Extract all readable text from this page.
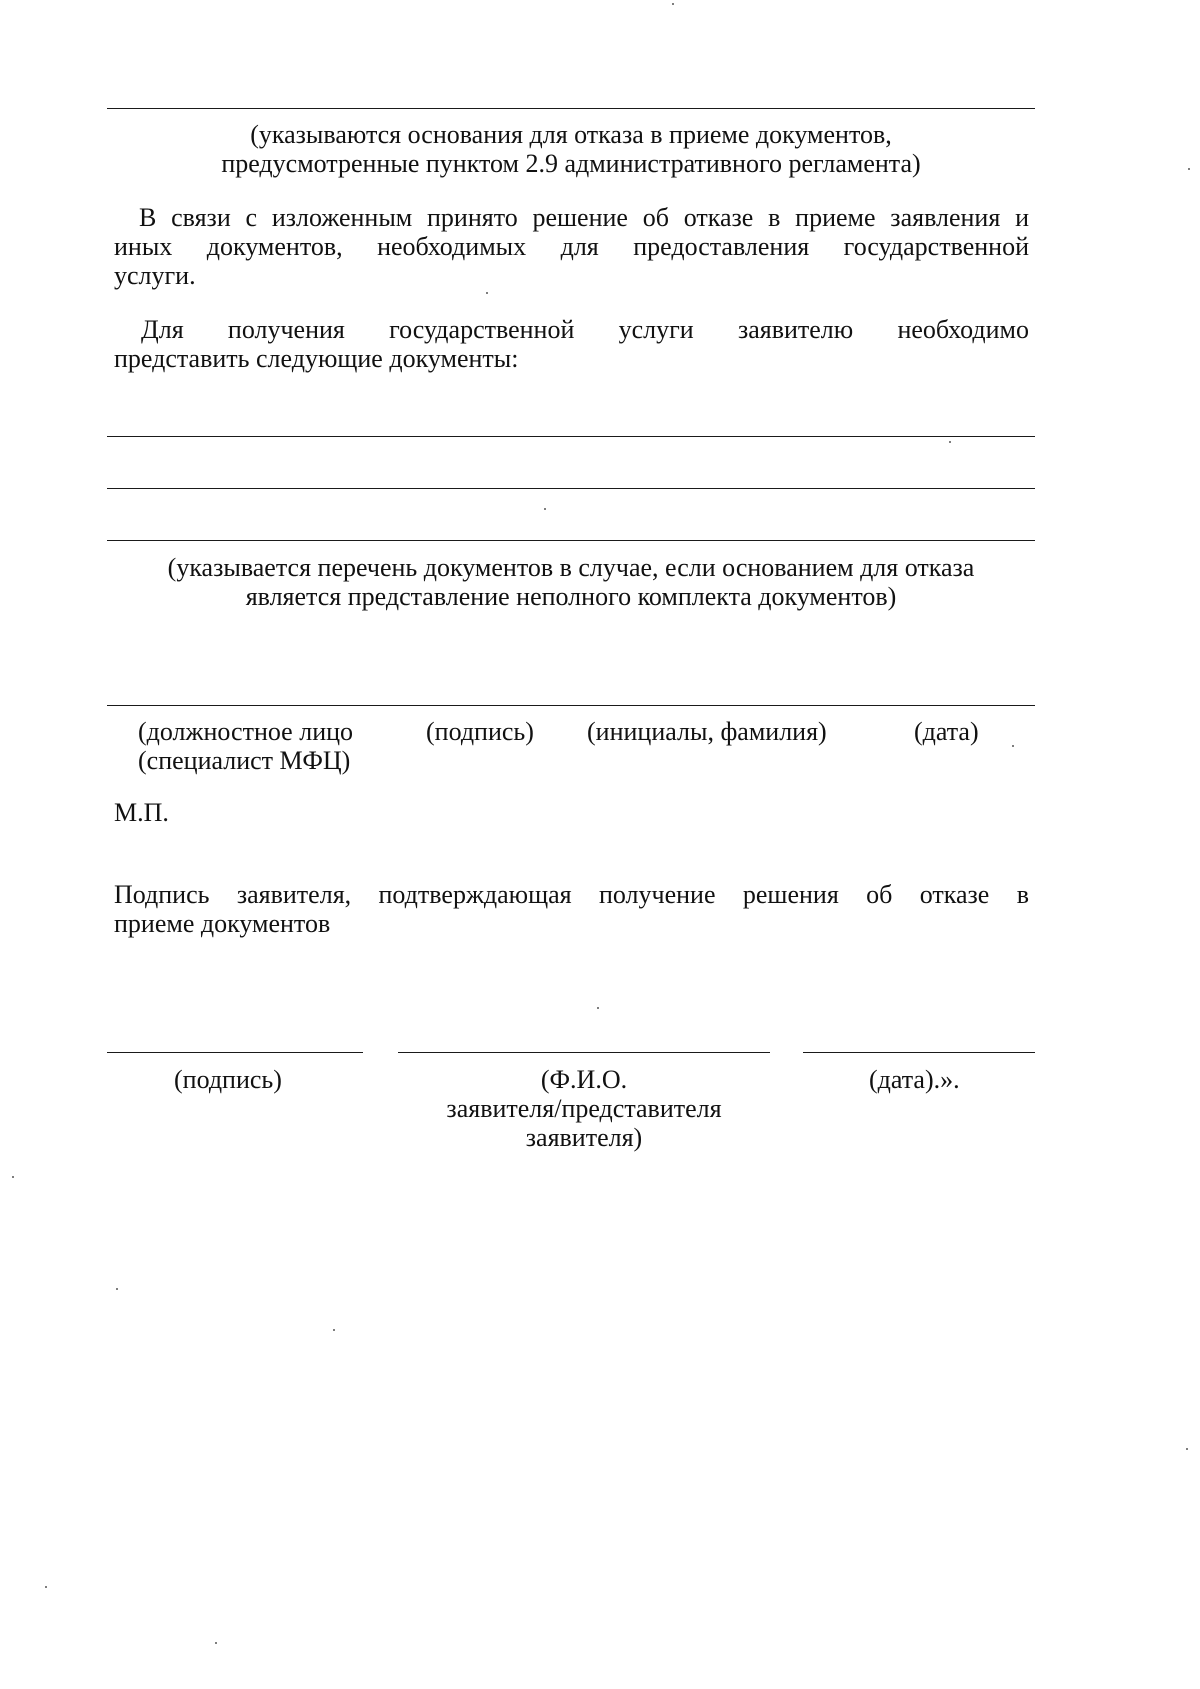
(указываются основания для отказа в приеме документов,
предусмотренные пунктом 2.9 административного регламента)
В связи с изложенным принято решение об отказе в приеме заявления и
иных документов, необходимых для предоставления государственной
услуги.
Для получения государственной услуги заявителю необходимо
представить следующие документы:
(указывается перечень документов в случае, если основанием для отказа
является представление неполного комплекта документов)
(должностное лицо
(специалист МФЦ)
(подпись) (инициалы, фамилия)	(дата)
М.П.
Подпись заявителя, подтверждающая получение решения об отказе в
приеме документов
(подпись)	(Ф.И.О.
заявителя/представителя
заявителя)
(дата).».
